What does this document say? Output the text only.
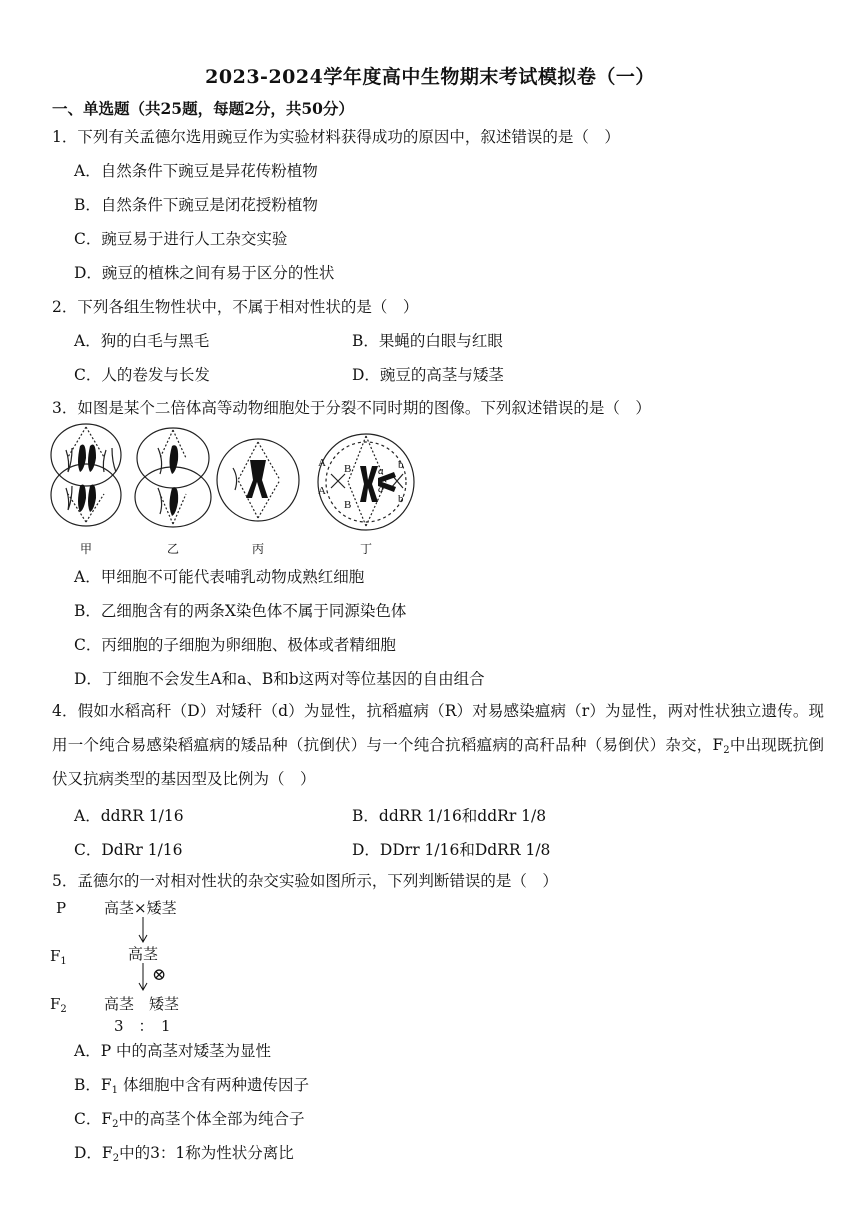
2023-2024学年度高中生物期末考试模拟卷（一）
一、单选题（共25题，每题2分，共50分）
1．下列有关孟德尔选用豌豆作为实验材料获得成功的原因中，叙述错误的是（　）
A．自然条件下豌豆是异花传粉植物
B．自然条件下豌豆是闭花授粉植物
C．豌豆易于进行人工杂交实验
D．豌豆的植株之间有易于区分的性状
2．下列各组生物性状中，不属于相对性状的是（　）
A．狗的白毛与黑毛	B．果蝇的白眼与红眼
C．人的卷发与长发	D．豌豆的高茎与矮茎
3．如图是某个二倍体高等动物细胞处于分裂不同时期的图像。下列叙述错误的是（　）
A
A
B
B
a
a
b
b
甲	乙	丙	丁
A．甲细胞不可能代表哺乳动物成熟红细胞
B．乙细胞含有的两条X染色体不属于同源染色体
C．丙细胞的子细胞为卵细胞、极体或者精细胞
D．丁细胞不会发生A和a、B和b这两对等位基因的自由组合
4．假如水稻高秆（D）对矮秆（d）为显性，抗稻瘟病（R）对易感染瘟病（r）为显性，两对性状独立遗传。现用一个纯合易感染稻瘟病的矮品种（抗倒伏）与一个纯合抗稻瘟病的高秆品种（易倒伏）杂交，$F_2$中出现既抗倒伏又抗病类型的基因型及比例为（　）
A．ddRR 1/16	B．ddRR 1/16和ddRr 1/8
C．DdRr 1/16	D．DDrr 1/16和DdRR 1/8
5．孟德尔的一对相对性状的杂交实验如图所示，下列判断错误的是（　）
P	高茎×矮茎
$F_1$	高茎
⊗
$F_2$ 高茎　矮茎
3　：　1
A．P 中的高茎对矮茎为显性
B．$F_1$ 体细胞中含有两种遗传因子
C．$F_2$中的高茎个体全部为纯合子
D．$F_2$中的3：1称为性状分离比
